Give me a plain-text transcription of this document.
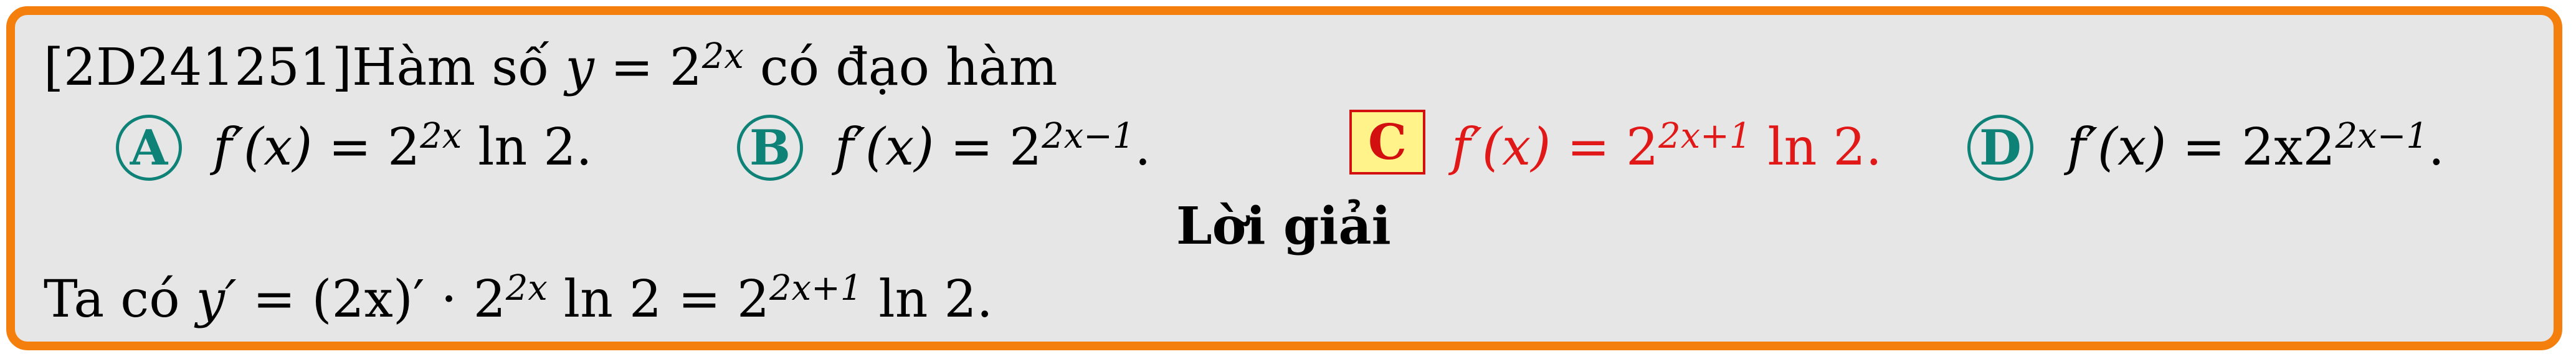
[2D241251]Hàm số $y = 2^{2x}$ có đạo hàm
A $f'(x) = 2^{2x}$ ln 2.	B $f'(x) = 2^{2x-1}$.	C $f'(x) = 2^{2x+1}$ ln 2. D $f'(x) = 2x2^{2x-1}$.
Lời giải
Ta có $y' = (2x)' \cdot 2^{2x}$ $\ln 2 = 2^{2x+1}$ ln 2.
